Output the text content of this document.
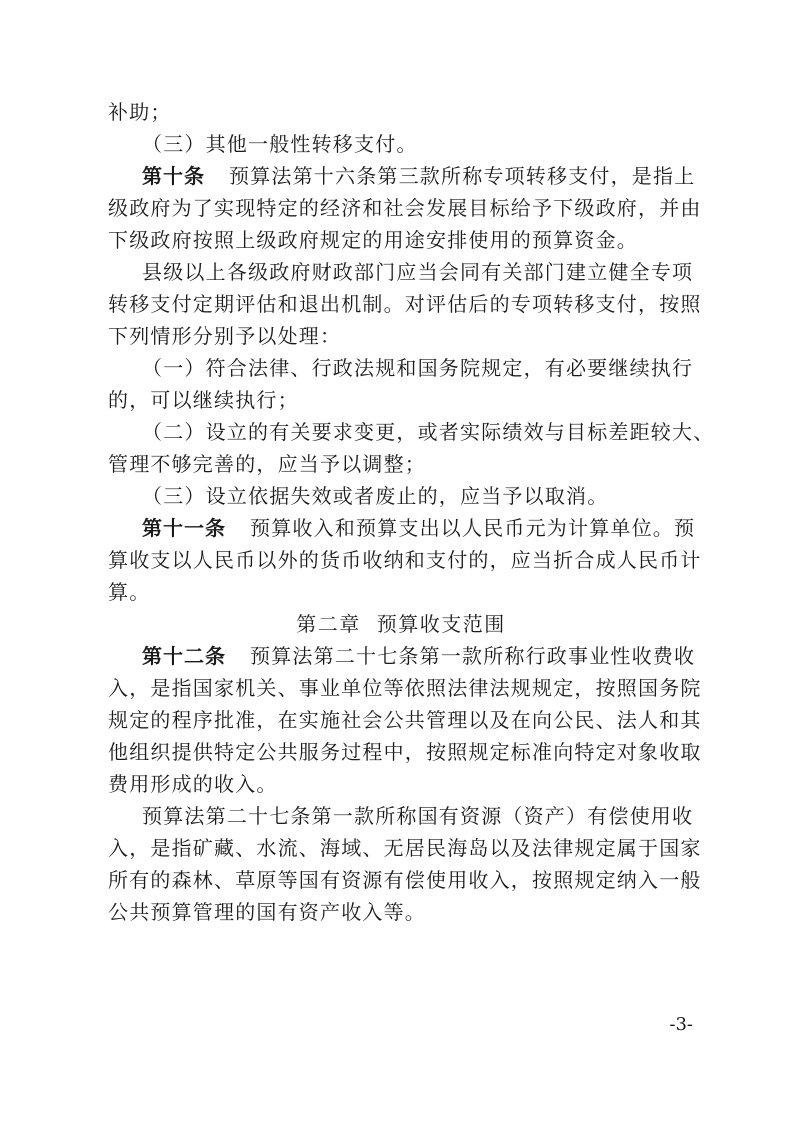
补助；
（三）其他一般性转移支付。
第十条 预算法第十六条第三款所称专项转移支付，是指上
级政府为了实现特定的经济和社会发展目标给予下级政府，并由
下级政府按照上级政府规定的用途安排使用的预算资金。
县级以上各级政府财政部门应当会同有关部门建立健全专项
转移支付定期评估和退出机制。对评估后的专项转移支付，按照
下列情形分别予以处理：
（一）符合法律、行政法规和国务院规定，有必要继续执行
的，可以继续执行；
（二）设立的有关要求变更，或者实际绩效与目标差距较大、
管理不够完善的，应当予以调整；
（三）设立依据失效或者废止的，应当予以取消。
第十一条 预算收入和预算支出以人民币元为计算单位。预
算收支以人民币以外的货币收纳和支付的，应当折合成人民币计
算。
第二章 预算收支范围
第十二条 预算法第二十七条第一款所称行政事业性收费收
入，是指国家机关、事业单位等依照法律法规规定，按照国务院
规定的程序批准，在实施社会公共管理以及在向公民、法人和其
他组织提供特定公共服务过程中，按照规定标准向特定对象收取
费用形成的收入。
预算法第二十七条第一款所称国有资源（资产）有偿使用收
入，是指矿藏、水流、海域、无居民海岛以及法律规定属于国家
所有的森林、草原等国有资源有偿使用收入，按照规定纳入一般
公共预算管理的国有资产收入等。
-3-
